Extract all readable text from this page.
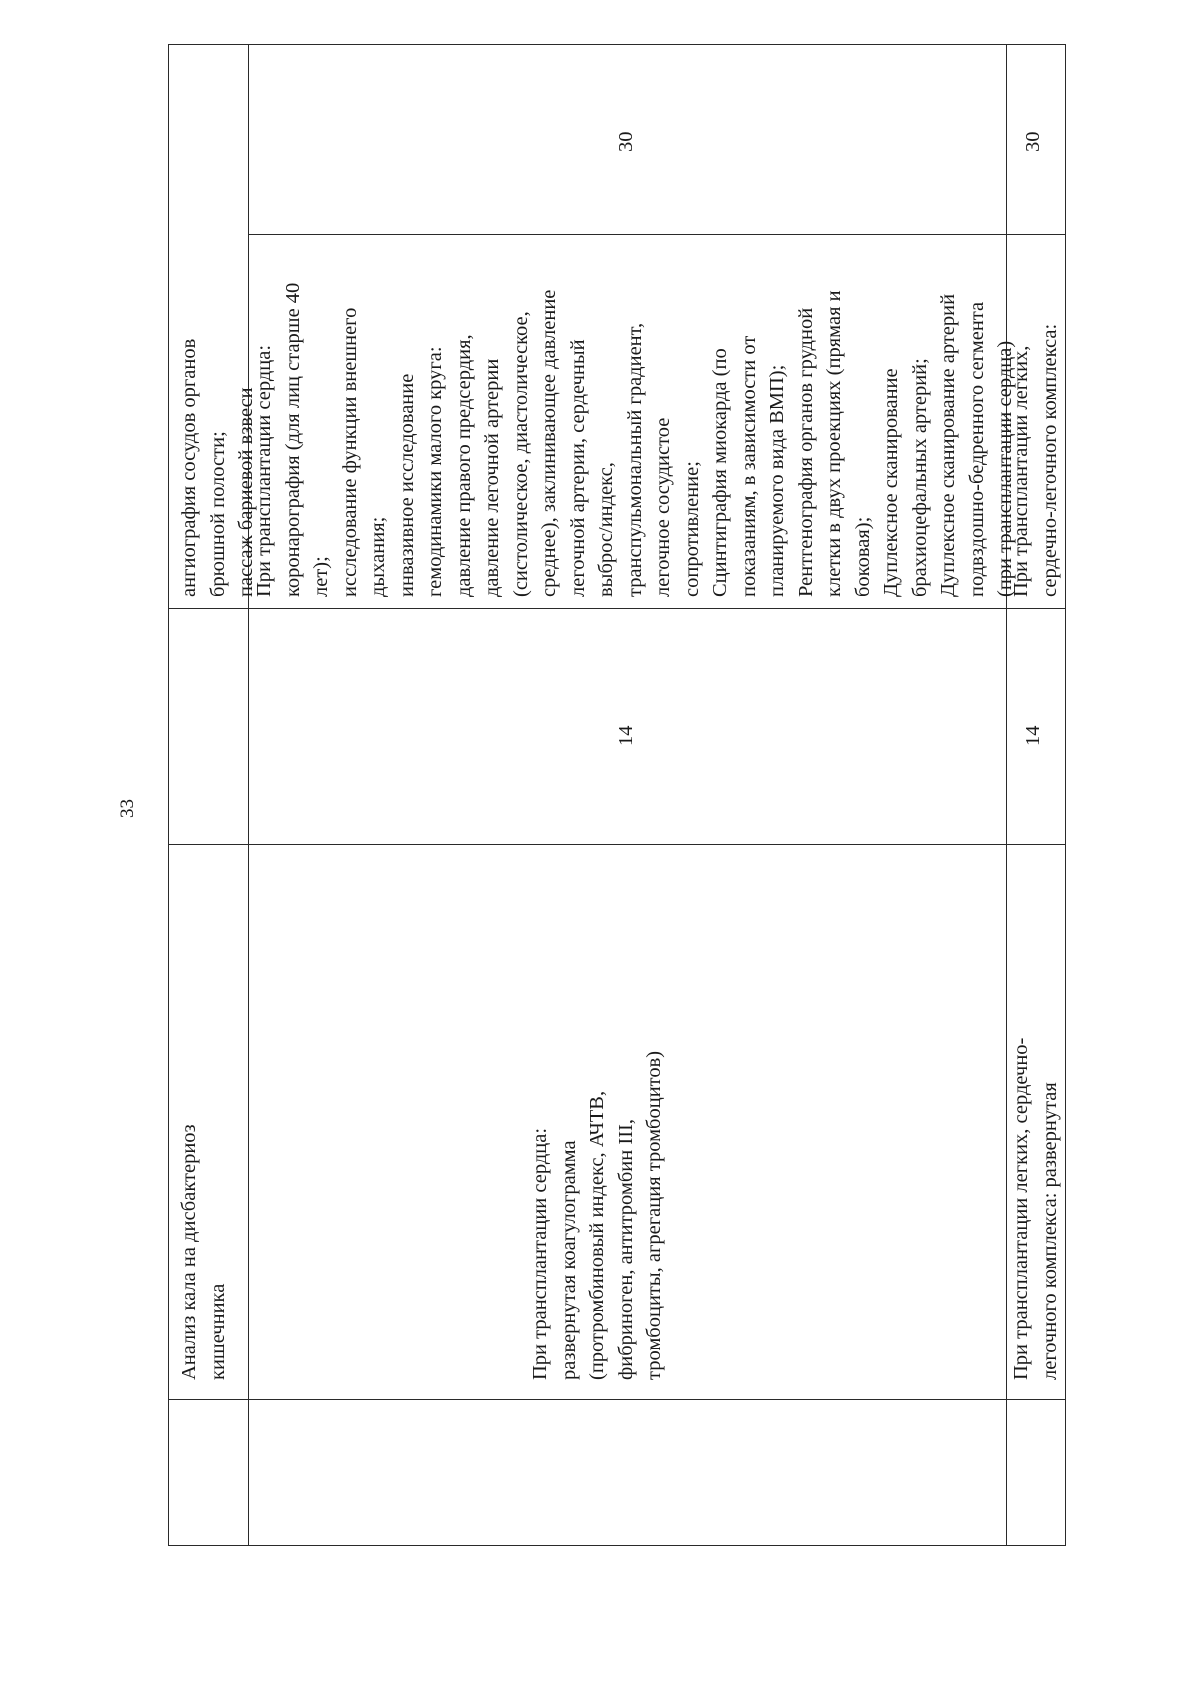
33
Анализ кала на дисбактериоз кишечника
ангиография сосудов органов брюшной полости; пассаж бариевой взвеси
При трансплантации сердца: развернутая коагулограмма (протромбиновый индекс, АЧТВ, фибриноген, антитромбин III, тромбоциты, агрегация тромбоцитов)
14
При трансплантации сердца: коронарография (для лиц старше 40 лет); исследование функции внешнего дыхания; инвазивное исследование гемодинамики малого круга: давление правого предсердия, давление легочной артерии (систолическое, диастолическое, среднее), заклинивающее давление легочной артерии, сердечный выброс/индекс, транспульмональный градиент, легочное сосудистое сопротивление; Сцинтиграфия миокарда (по показаниям, в зависимости от планируемого вида ВМП); Рентгенография органов грудной клетки в двух проекциях (прямая и боковая); Дуплексное сканирование брахиоцефальных артерий; Дуплексное сканирование артерий подвздошно-бедренного сегмента (при трансплантации сердца)
30
При трансплантации легких, сердечно- легочного комплекса: развернутая
14
При трансплантации легких, сердечно-легочного комплекса:
30
